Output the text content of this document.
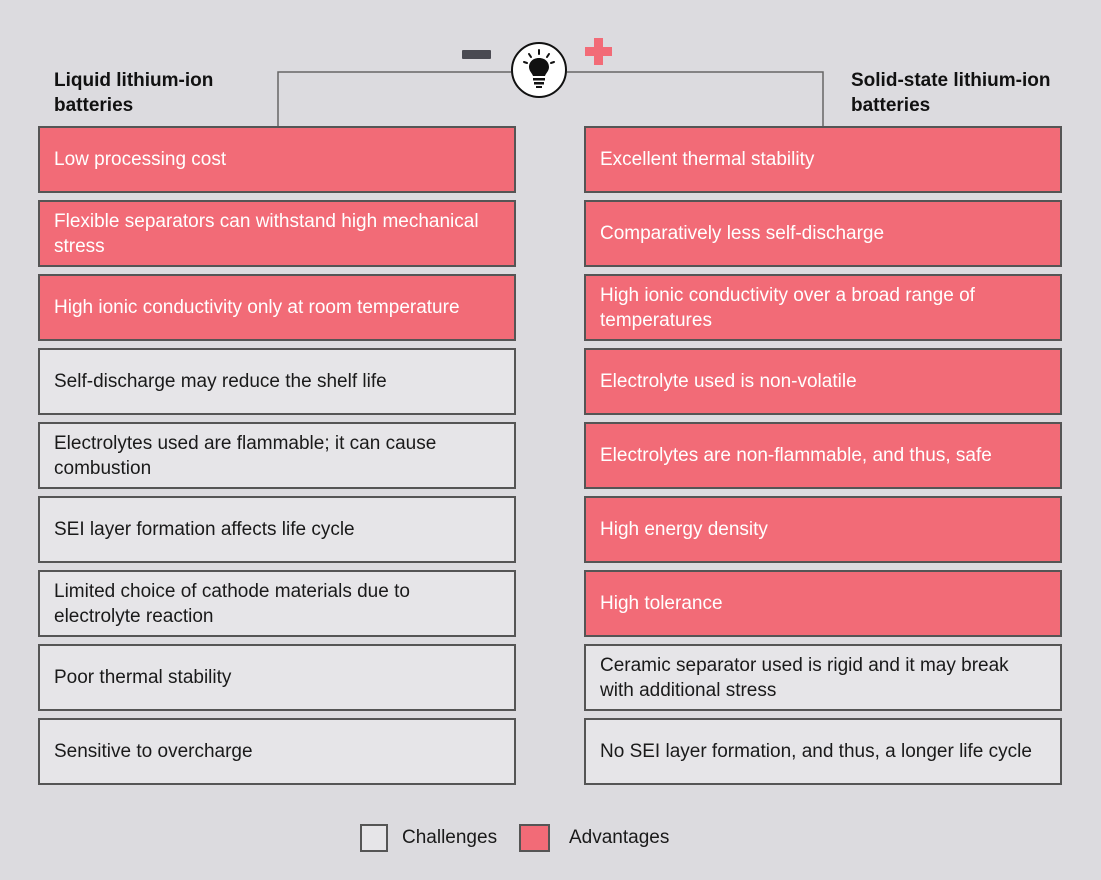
Liquid lithium-ion batteries
Solid-state lithium-ion batteries
Low processing cost
Flexible separators can withstand high mechanical stress
High ionic conductivity only at room temperature
Self-discharge may reduce the shelf life
Electrolytes used are flammable; it can cause combustion
SEI layer formation affects life cycle
Limited choice of cathode materials due to electrolyte reaction
Poor thermal stability
Sensitive to overcharge
Excellent thermal stability
Comparatively less self-discharge
High ionic conductivity over a broad range of temperatures
Electrolyte used is non-volatile
Electrolytes are non-flammable, and thus, safe
High energy density
High tolerance
Ceramic separator used is rigid and it may break with additional stress
No SEI layer formation, and thus, a longer life cycle
Challenges	Advantages
